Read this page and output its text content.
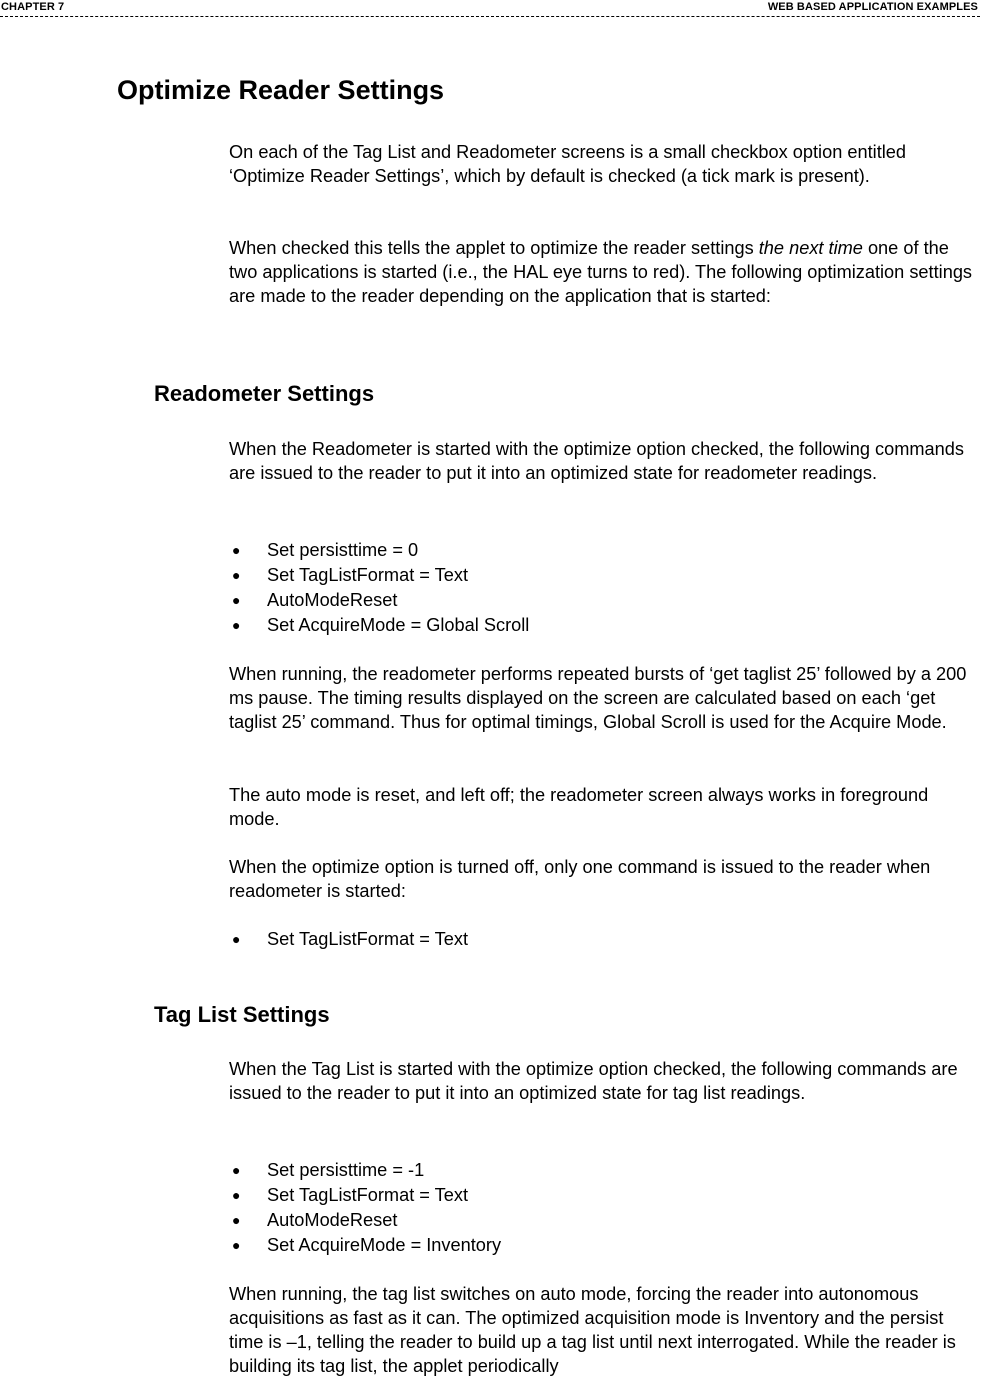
CHAPTER 7	WEB BASED APPLICATION EXAMPLES
Optimize Reader Settings

On each of the Tag List and Readometer screens is a small checkbox option entitled ‘Optimize Reader Settings’, which by default is checked (a tick mark is present).

When checked this tells the applet to optimize the reader settings the next time one of the two applications is started (i.e., the HAL eye turns to red). The following optimization settings are made to the reader depending on the application that is started:

Readometer Settings

When the Readometer is started with the optimize option checked, the following commands are issued to the reader to put it into an optimized state for readometer readings.

● Set persisttime = 0
● Set TagListFormat = Text
● AutoModeReset
● Set AcquireMode = Global Scroll

When running, the readometer performs repeated bursts of ‘get taglist 25’ followed by a 200 ms pause. The timing results displayed on the screen are calculated based on each ‘get taglist 25’ command. Thus for optimal timings, Global Scroll is used for the Acquire Mode.

The auto mode is reset, and left off; the readometer screen always works in foreground mode.

When the optimize option is turned off, only one command is issued to the reader when readometer is started:

● Set TagListFormat = Text
Tag List Settings

When the Tag List is started with the optimize option checked, the following commands are issued to the reader to put it into an optimized state for tag list readings.

● Set persisttime = -1
● Set TagListFormat = Text
● AutoModeReset
● Set AcquireMode = Inventory

When running, the tag list switches on auto mode, forcing the reader into autonomous acquisitions as fast as it can. The optimized acquisition mode is Inventory and the persist time is –1, telling the reader to build up a tag list until next interrogated. While the reader is building its tag list, the applet periodically
